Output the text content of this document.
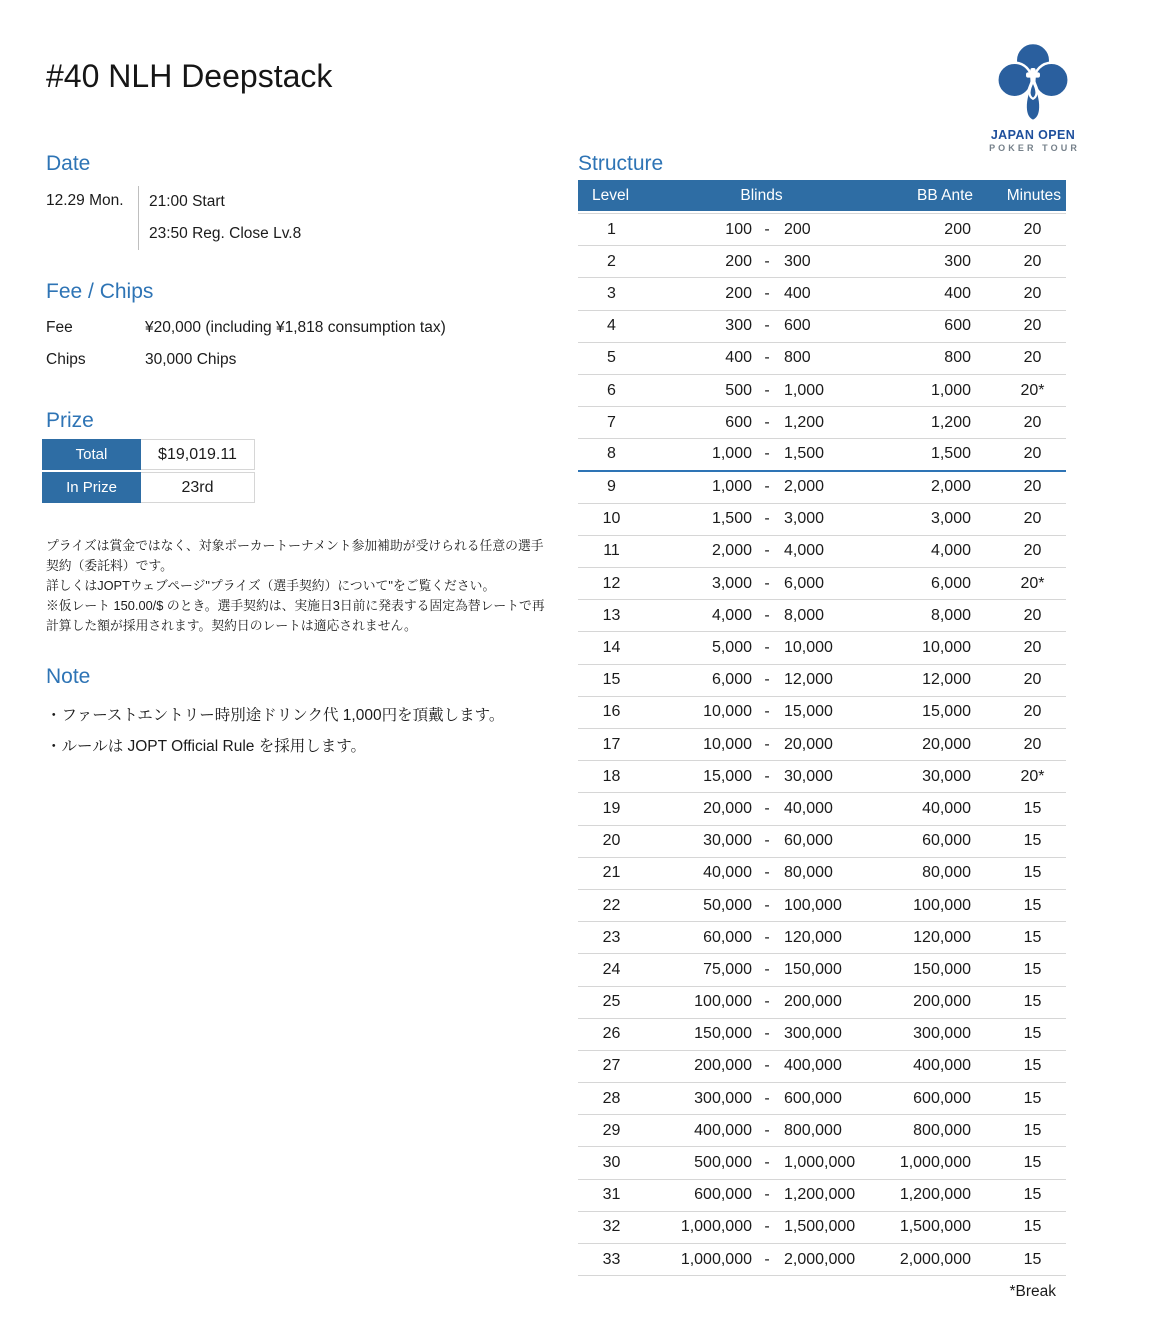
#40 NLH Deepstack
JAPAN OPEN
POKER TOUR
Date
12.29 Mon.	21:00 Start
23:50 Reg. Close Lv.8
Fee / Chips
Fee	¥20,000 (including ¥1,818 consumption tax)
Chips	30,000 Chips
Prize
Total	$19,019.11
In Prize	23rd

プライズは賞金ではなく、対象ポーカートーナメント参加補助が受けられる任意の選手契約（委託料）です。

詳しくはJOPTウェブページ"プライズ（選手契約）について"をご覧ください。

※仮レート 150.00/$ のとき。選手契約は、実施日3日前に発表する固定為替レートで再計算した額が採用されます。契約日のレートは適応されません。

Note
・ファーストエントリー時別途ドリンク代 1,000円を頂戴します。
・ルールは JOPT Official Rule を採用します。
Structure
Level	Blinds	BB Ante	Minutes
1	100 - 200	200	20
2	200 - 300	300	20
3	200 - 400	400	20
4	300 - 600	600	20
5	400 - 800	800	20
6	500 - 1,000	1,000	20*
7	600 - 1,200	1,200	20
8	1,000 - 1,500	1,500	20
9	1,000 - 2,000	2,000	20
10	1,500 - 3,000	3,000	20
11	2,000 - 4,000	4,000	20
12	3,000 - 6,000	6,000	20*
13	4,000 - 8,000	8,000	20
14	5,000 - 10,000	10,000	20
15	6,000 - 12,000	12,000	20
16	10,000 - 15,000	15,000	20
17	10,000 - 20,000	20,000	20
18	15,000 - 30,000	30,000	20*
19	20,000 - 40,000	40,000	15
20	30,000 - 60,000	60,000	15
21	40,000 - 80,000	80,000	15
22	50,000 - 100,000	100,000	15
23	60,000 - 120,000	120,000	15
24	75,000 - 150,000	150,000	15
25	100,000 - 200,000	200,000	15
26	150,000 - 300,000	300,000	15
27	200,000 - 400,000	400,000	15
28	300,000 - 600,000	600,000	15
29	400,000 - 800,000	800,000	15
30	500,000 - 1,000,000	1,000,000	15
31	600,000 - 1,200,000	1,200,000	15
32	1,000,000 - 1,500,000	1,500,000	15
33	1,000,000 - 2,000,000	2,000,000	15
*Break
